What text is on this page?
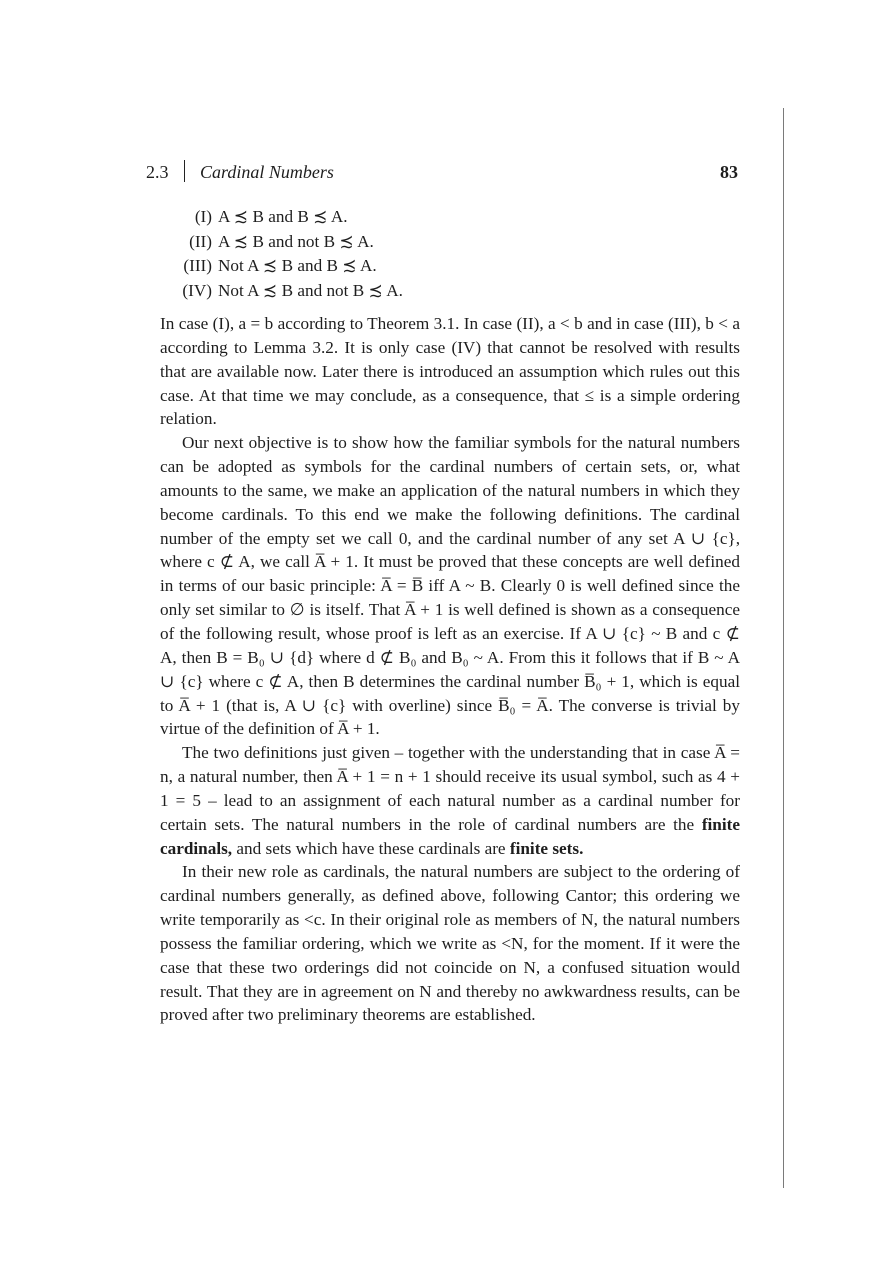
2.3 Cardinal Numbers	83
(I) A ≾ B and B ≾ A.
(II) A ≾ B and not B ≾ A.
(III) Not A ≾ B and B ≾ A.
(IV) Not A ≾ B and not B ≾ A.

In case (I), a = b according to Theorem 3.1. In case (II), a < b and in case (III), b < a according to Lemma 3.2. It is only case (IV) that cannot be resolved with results that are available now. Later there is introduced an assumption which rules out this case. At that time we may conclude, as a consequence, that ≤ is a simple ordering relation.

Our next objective is to show how the familiar symbols for the natural numbers can be adopted as symbols for the cardinal numbers of certain sets, or, what amounts to the same, we make an application of the natural numbers in which they become cardinals. To this end we make the following definitions. The cardinal number of the empty set we call 0, and the cardinal number of any set A ∪ {c}, where c ⊄ A, we call A̅ + 1. It must be proved that these concepts are well defined in terms of our basic principle: A̅ = B̅ iff A ~ B. Clearly 0 is well defined since the only set similar to ∅ is itself. That A̅ + 1 is well defined is shown as a consequence of the following result, whose proof is left as an exercise. If A ∪ {c} ~ B and c ⊄ A, then B = B₀ ∪ {d} where d ⊄ B₀ and B₀ ~ A. From this it follows that if B ~ A ∪ {c} where c ⊄ A, then B determines the cardinal number B̅₀ + 1, which is equal to A̅ + 1 (that is, A ∪ {c} with overline) since B̅₀ = A̅. The converse is trivial by virtue of the definition of A̅ + 1.

The two definitions just given – together with the understanding that in case A̅ = n, a natural number, then A̅ + 1 = n + 1 should receive its usual symbol, such as 4 + 1 = 5 – lead to an assignment of each natural number as a cardinal number for certain sets. The natural numbers in the role of cardinal numbers are the finite cardinals, and sets which have these cardinals are finite sets.

In their new role as cardinals, the natural numbers are subject to the ordering of cardinal numbers generally, as defined above, following Cantor; this ordering we write temporarily as <c. In their original role as members of N, the natural numbers possess the familiar ordering, which we write as <N, for the moment. If it were the case that these two orderings did not coincide on N, a confused situation would result. That they are in agreement on N and thereby no awkwardness results, can be proved after two preliminary theorems are established.
